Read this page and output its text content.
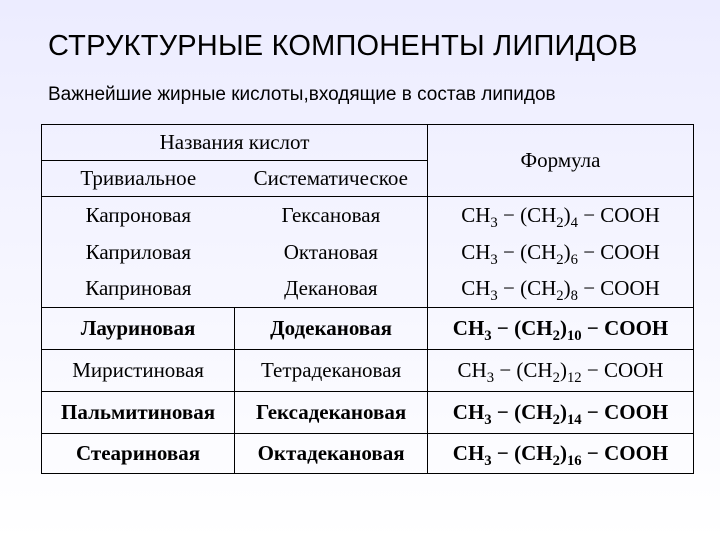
СТРУКТУРНЫЕ КОМПОНЕНТЫ ЛИПИДОВ
Важнейшие жирные кислоты,входящие в состав липидов
Названия кислот		Формула
Тривиальное	Систематическое	
Капроновая	Гексановая	$CH_3 - (CH_2)_4$ − COOH
Каприловая	Октановая	$CH_3 - (CH_2)_6$ − COOH
Каприновая	Декановая	$CH_3 - (CH_2)_8$ − COOH
Лауриновая	Додекановая	$CH_3 - (CH_2)_{10}$ − COOH
Миристиновая	Тетрадекановая	$CH_3 - (CH_2)_{12}$ − COOH
Пальмитиновая	Гексадекановая	$CH_3 - (CH_2)_{14}$ − COOH
Стеариновая	Октадекановая	$CH_3 - (CH_2)_{16}$ − COOH
